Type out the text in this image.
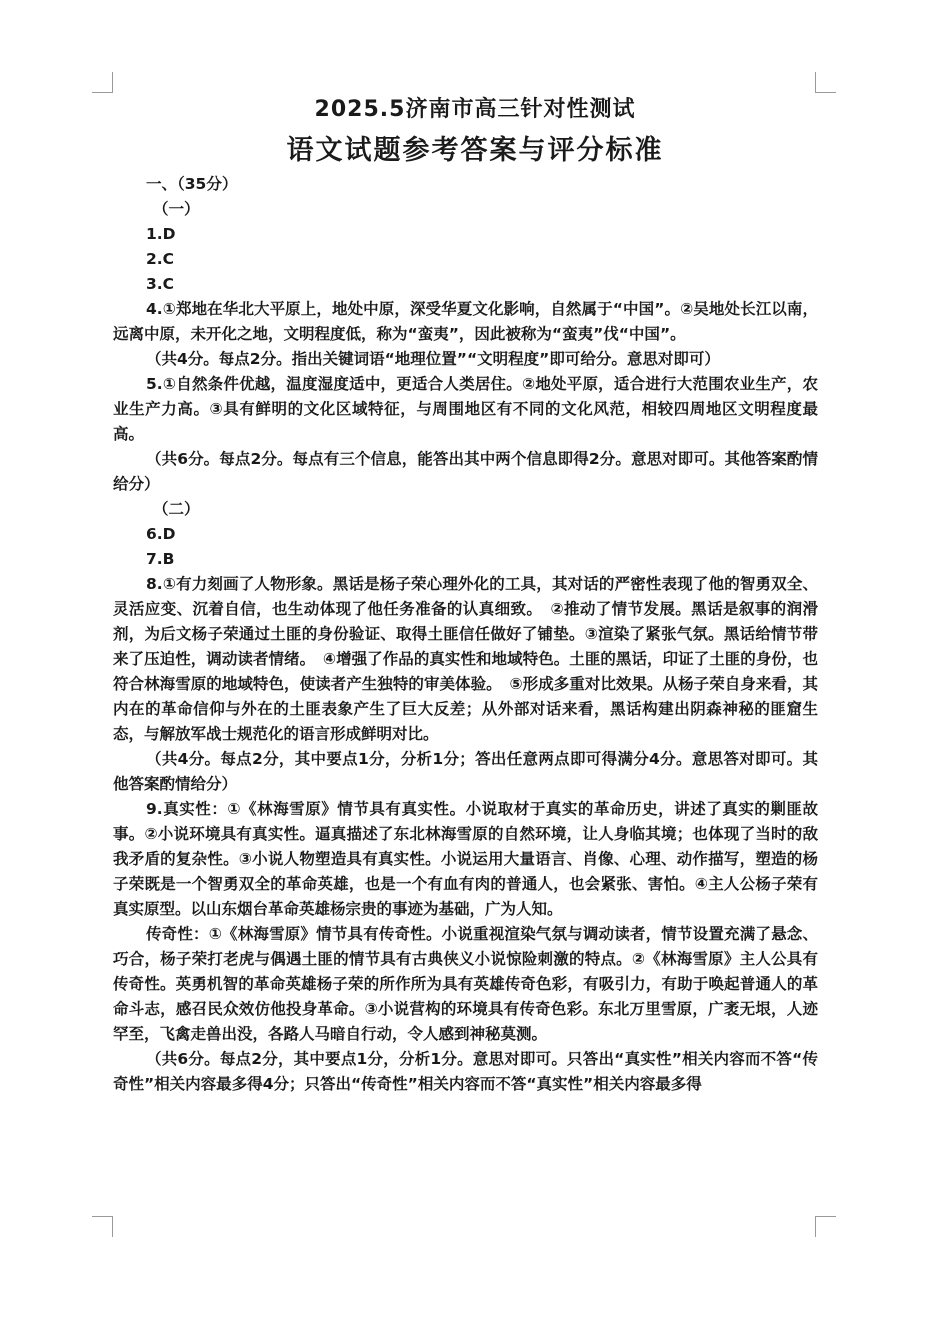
2025.5济南市高三针对性测试
语文试题参考答案与评分标准

一、（35分）

（一）

1.D

2.C

3.C

4.①郑地在华北大平原上，地处中原，深受华夏文化影响，自然属于“中国”。②吴地处长江以南，远离中原，未开化之地，文明程度低，称为“蛮夷”，因此被称为“蛮夷”伐“中国”。

（共4分。每点2分。指出关键词语“地理位置”“文明程度”即可给分。意思对即可）

5.①自然条件优越，温度湿度适中，更适合人类居住。②地处平原，适合进行大范围农业生产，农业生产力高。③具有鲜明的文化区域特征，与周围地区有不同的文化风范，相较四周地区文明程度最高。

（共6分。每点2分。每点有三个信息，能答出其中两个信息即得2分。意思对即可。其他答案酌情给分）

（二）

6.D

7.B

8.①有力刻画了人物形象。黑话是杨子荣心理外化的工具，其对话的严密性表现了他的智勇双全、灵活应变、沉着自信，也生动体现了他任务准备的认真细致。　②推动了情节发展。黑话是叙事的润滑剂，为后文杨子荣通过土匪的身份验证、取得土匪信任做好了铺垫。③渲染了紧张气氛。黑话给情节带来了压迫性，调动读者情绪。　④增强了作品的真实性和地域特色。土匪的黑话，印证了土匪的身份，也符合林海雪原的地域特色，使读者产生独特的审美体验。　⑤形成多重对比效果。从杨子荣自身来看，其内在的革命信仰与外在的土匪表象产生了巨大反差；从外部对话来看，黑话构建出阴森神秘的匪窟生态，与解放军战士规范化的语言形成鲜明对比。

（共4分。每点2分，其中要点1分，分析1分；答出任意两点即可得满分4分。意思答对即可。其他答案酌情给分）

9.真实性：①《林海雪原》情节具有真实性。小说取材于真实的革命历史，讲述了真实的剿匪故事。②小说环境具有真实性。逼真描述了东北林海雪原的自然环境，让人身临其境；也体现了当时的敌我矛盾的复杂性。③小说人物塑造具有真实性。小说运用大量语言、肖像、心理、动作描写，塑造的杨子荣既是一个智勇双全的革命英雄，也是一个有血有肉的普通人，也会紧张、害怕。④主人公杨子荣有真实原型。以山东烟台革命英雄杨宗贵的事迹为基础，广为人知。

传奇性：①《林海雪原》情节具有传奇性。小说重视渲染气氛与调动读者，情节设置充满了悬念、巧合，杨子荣打老虎与偶遇土匪的情节具有古典侠义小说惊险刺激的特点。②《林海雪原》主人公具有传奇性。英勇机智的革命英雄杨子荣的所作所为具有英雄传奇色彩，有吸引力，有助于唤起普通人的革命斗志，感召民众效仿他投身革命。③小说营构的环境具有传奇色彩。东北万里雪原，广袤无垠，人迹罕至，飞禽走兽出没，各路人马暗自行动，令人感到神秘莫测。

（共6分。每点2分，其中要点1分，分析1分。意思对即可。只答出“真实性”相关内容而不答“传奇性”相关内容最多得4分；只答出“传奇性”相关内容而不答“真实性”相关内容最多得
